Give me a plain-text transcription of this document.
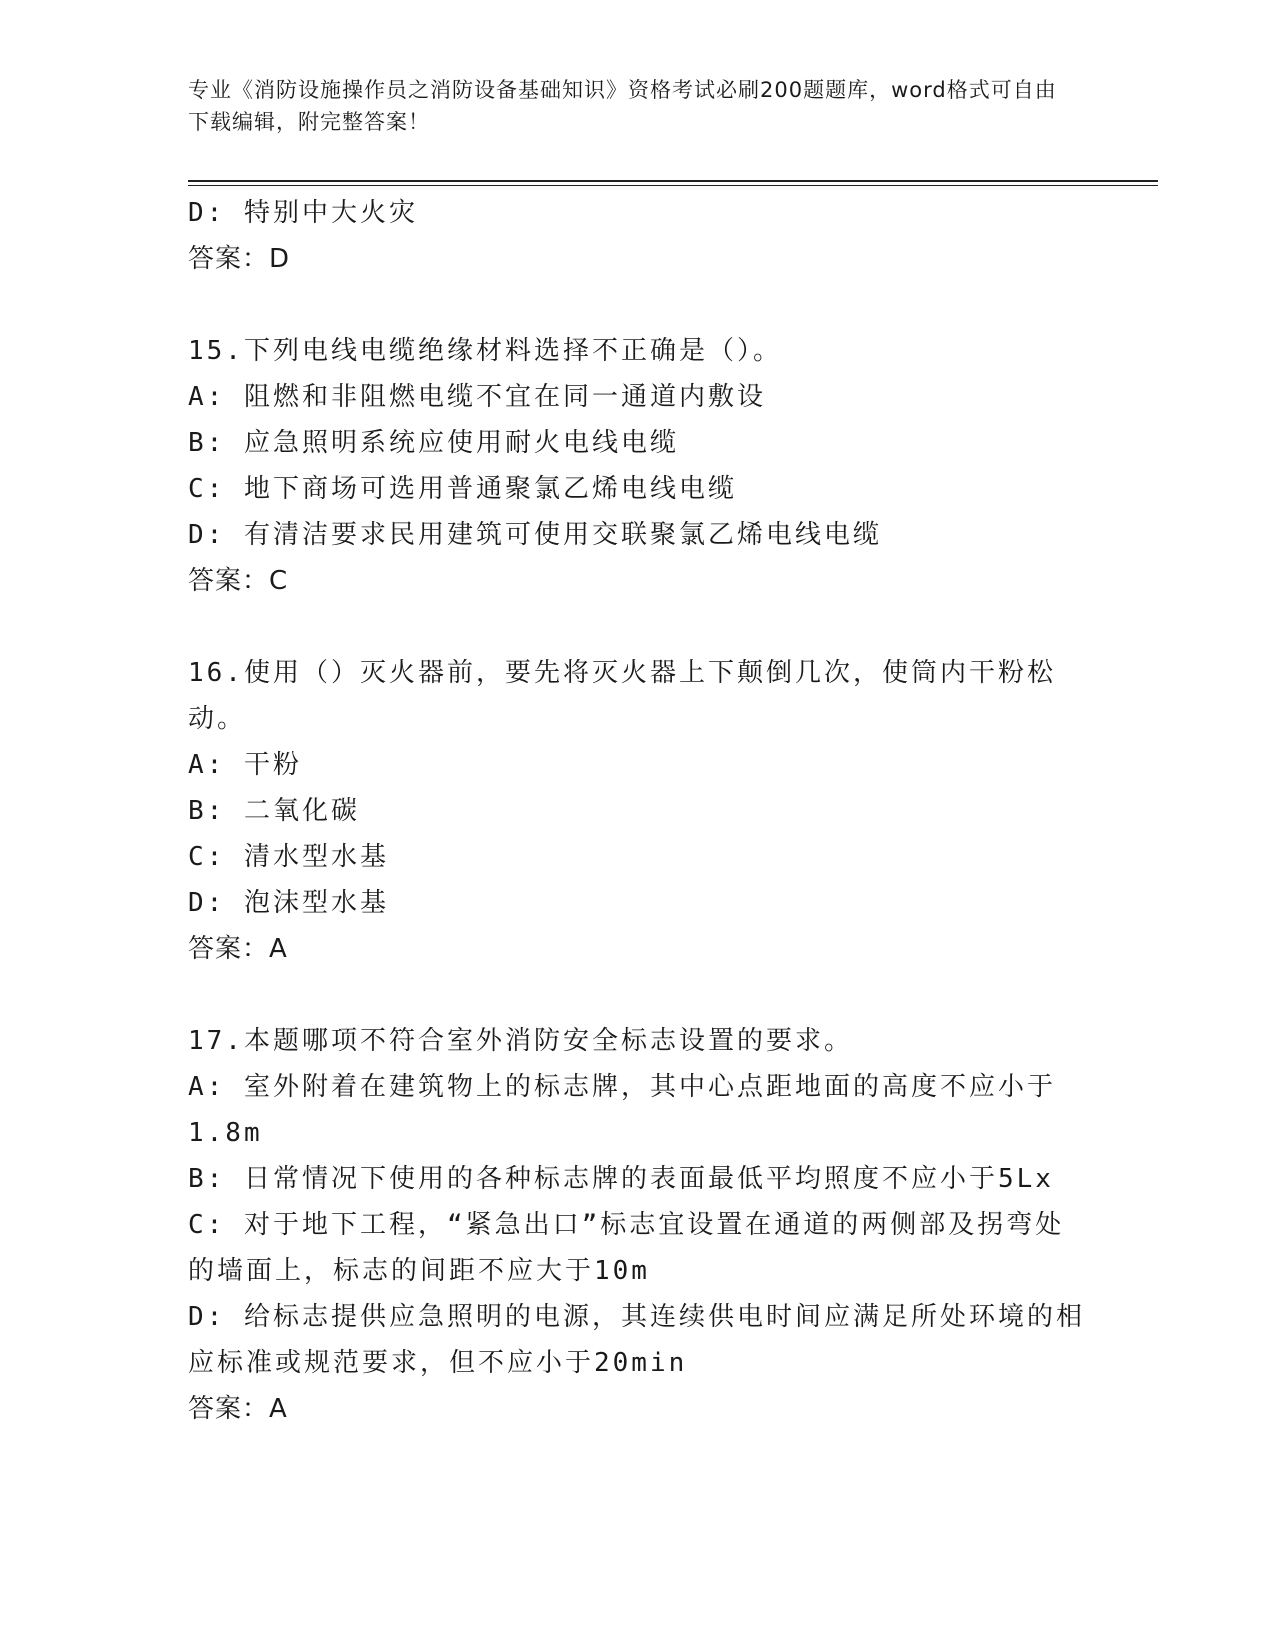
专业《消防设施操作员之消防设备基础知识》资格考试必刷200题题库，word格式可自由下载编辑，附完整答案！
D: 特别中大火灾
答案：D
15.下列电线电缆绝缘材料选择不正确是（）。
A: 阻燃和非阻燃电缆不宜在同一通道内敷设
B: 应急照明系统应使用耐火电线电缆
C: 地下商场可选用普通聚氯乙烯电线电缆
D: 有清洁要求民用建筑可使用交联聚氯乙烯电线电缆
答案：C
16.使用（）灭火器前，要先将灭火器上下颠倒几次，使筒内干粉松动。
A: 干粉
B: 二氧化碳
C: 清水型水基
D: 泡沫型水基
答案：A
17.本题哪项不符合室外消防安全标志设置的要求。
A: 室外附着在建筑物上的标志牌，其中心点距地面的高度不应小于1.8m
B: 日常情况下使用的各种标志牌的表面最低平均照度不应小于5Lx
C: 对于地下工程，“紧急出口”标志宜设置在通道的两侧部及拐弯处的墙面上，标志的间距不应大于10m
D: 给标志提供应急照明的电源，其连续供电时间应满足所处环境的相应标准或规范要求，但不应小于20min
答案：A
